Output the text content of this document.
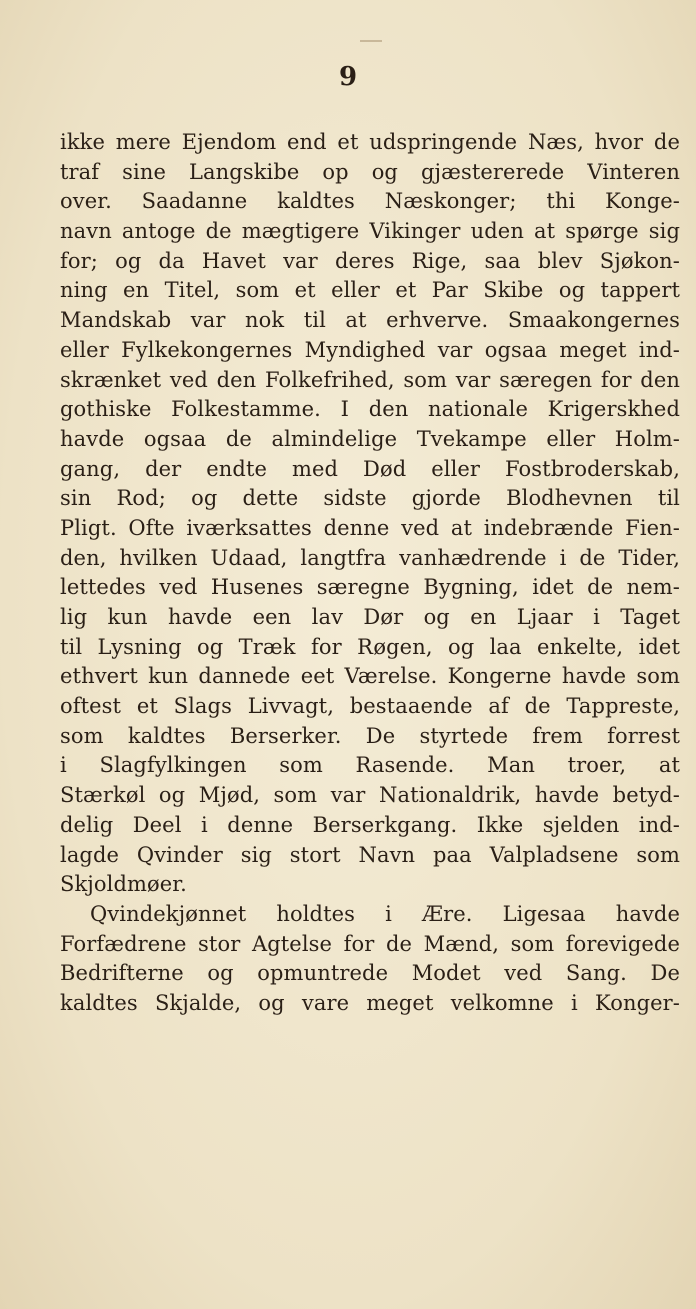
9
ikke mere Ejendom end et udspringende Næs, hvor de
traf sine Langskibe op og gjæstererede Vinteren
over. Saadanne kaldtes Næskonger; thi Konge-
navn antoge de mægtigere Vikinger uden at spørge sig
for; og da Havet var deres Rige, saa blev Sjøkon-
ning en Titel, som et eller et Par Skibe og tappert
Mandskab var nok til at erhverve. Smaakongernes
eller Fylkekongernes Myndighed var ogsaa meget ind-
skrænket ved den Folkefrihed, som var særegen for den
gothiske Folkestamme. I den nationale Krigerskhed
havde ogsaa de almindelige Tvekampe eller Holm-
gang, der endte med Død eller Fostbroderskab,
sin Rod; og dette sidste gjorde Blodhevnen til
Pligt. Ofte iværksattes denne ved at indebrænde Fien-
den, hvilken Udaad, langtfra vanhædrende i de Tider,
lettedes ved Husenes særegne Bygning, idet de nem-
lig kun havde een lav Dør og en Ljaar i Taget
til Lysning og Træk for Røgen, og laa enkelte, idet
ethvert kun dannede eet Værelse. Kongerne havde som
oftest et Slags Livvagt, bestaaende af de Tappreste,
som kaldtes Berserker. De styrtede frem forrest
i Slagfylkingen som Rasende. Man troer, at
Stærkøl og Mjød, som var Nationaldrik, havde betyd-
delig Deel i denne Berserkgang. Ikke sjelden ind-
lagde Qvinder sig stort Navn paa Valpladsene som
Skjoldmøer.
Qvindekjønnet holdtes i Ære. Ligesaa havde
Forfædrene stor Agtelse for de Mænd, som forevigede
Bedrifterne og opmuntrede Modet ved Sang. De
kaldtes Skjalde, og vare meget velkomne i Konger-
